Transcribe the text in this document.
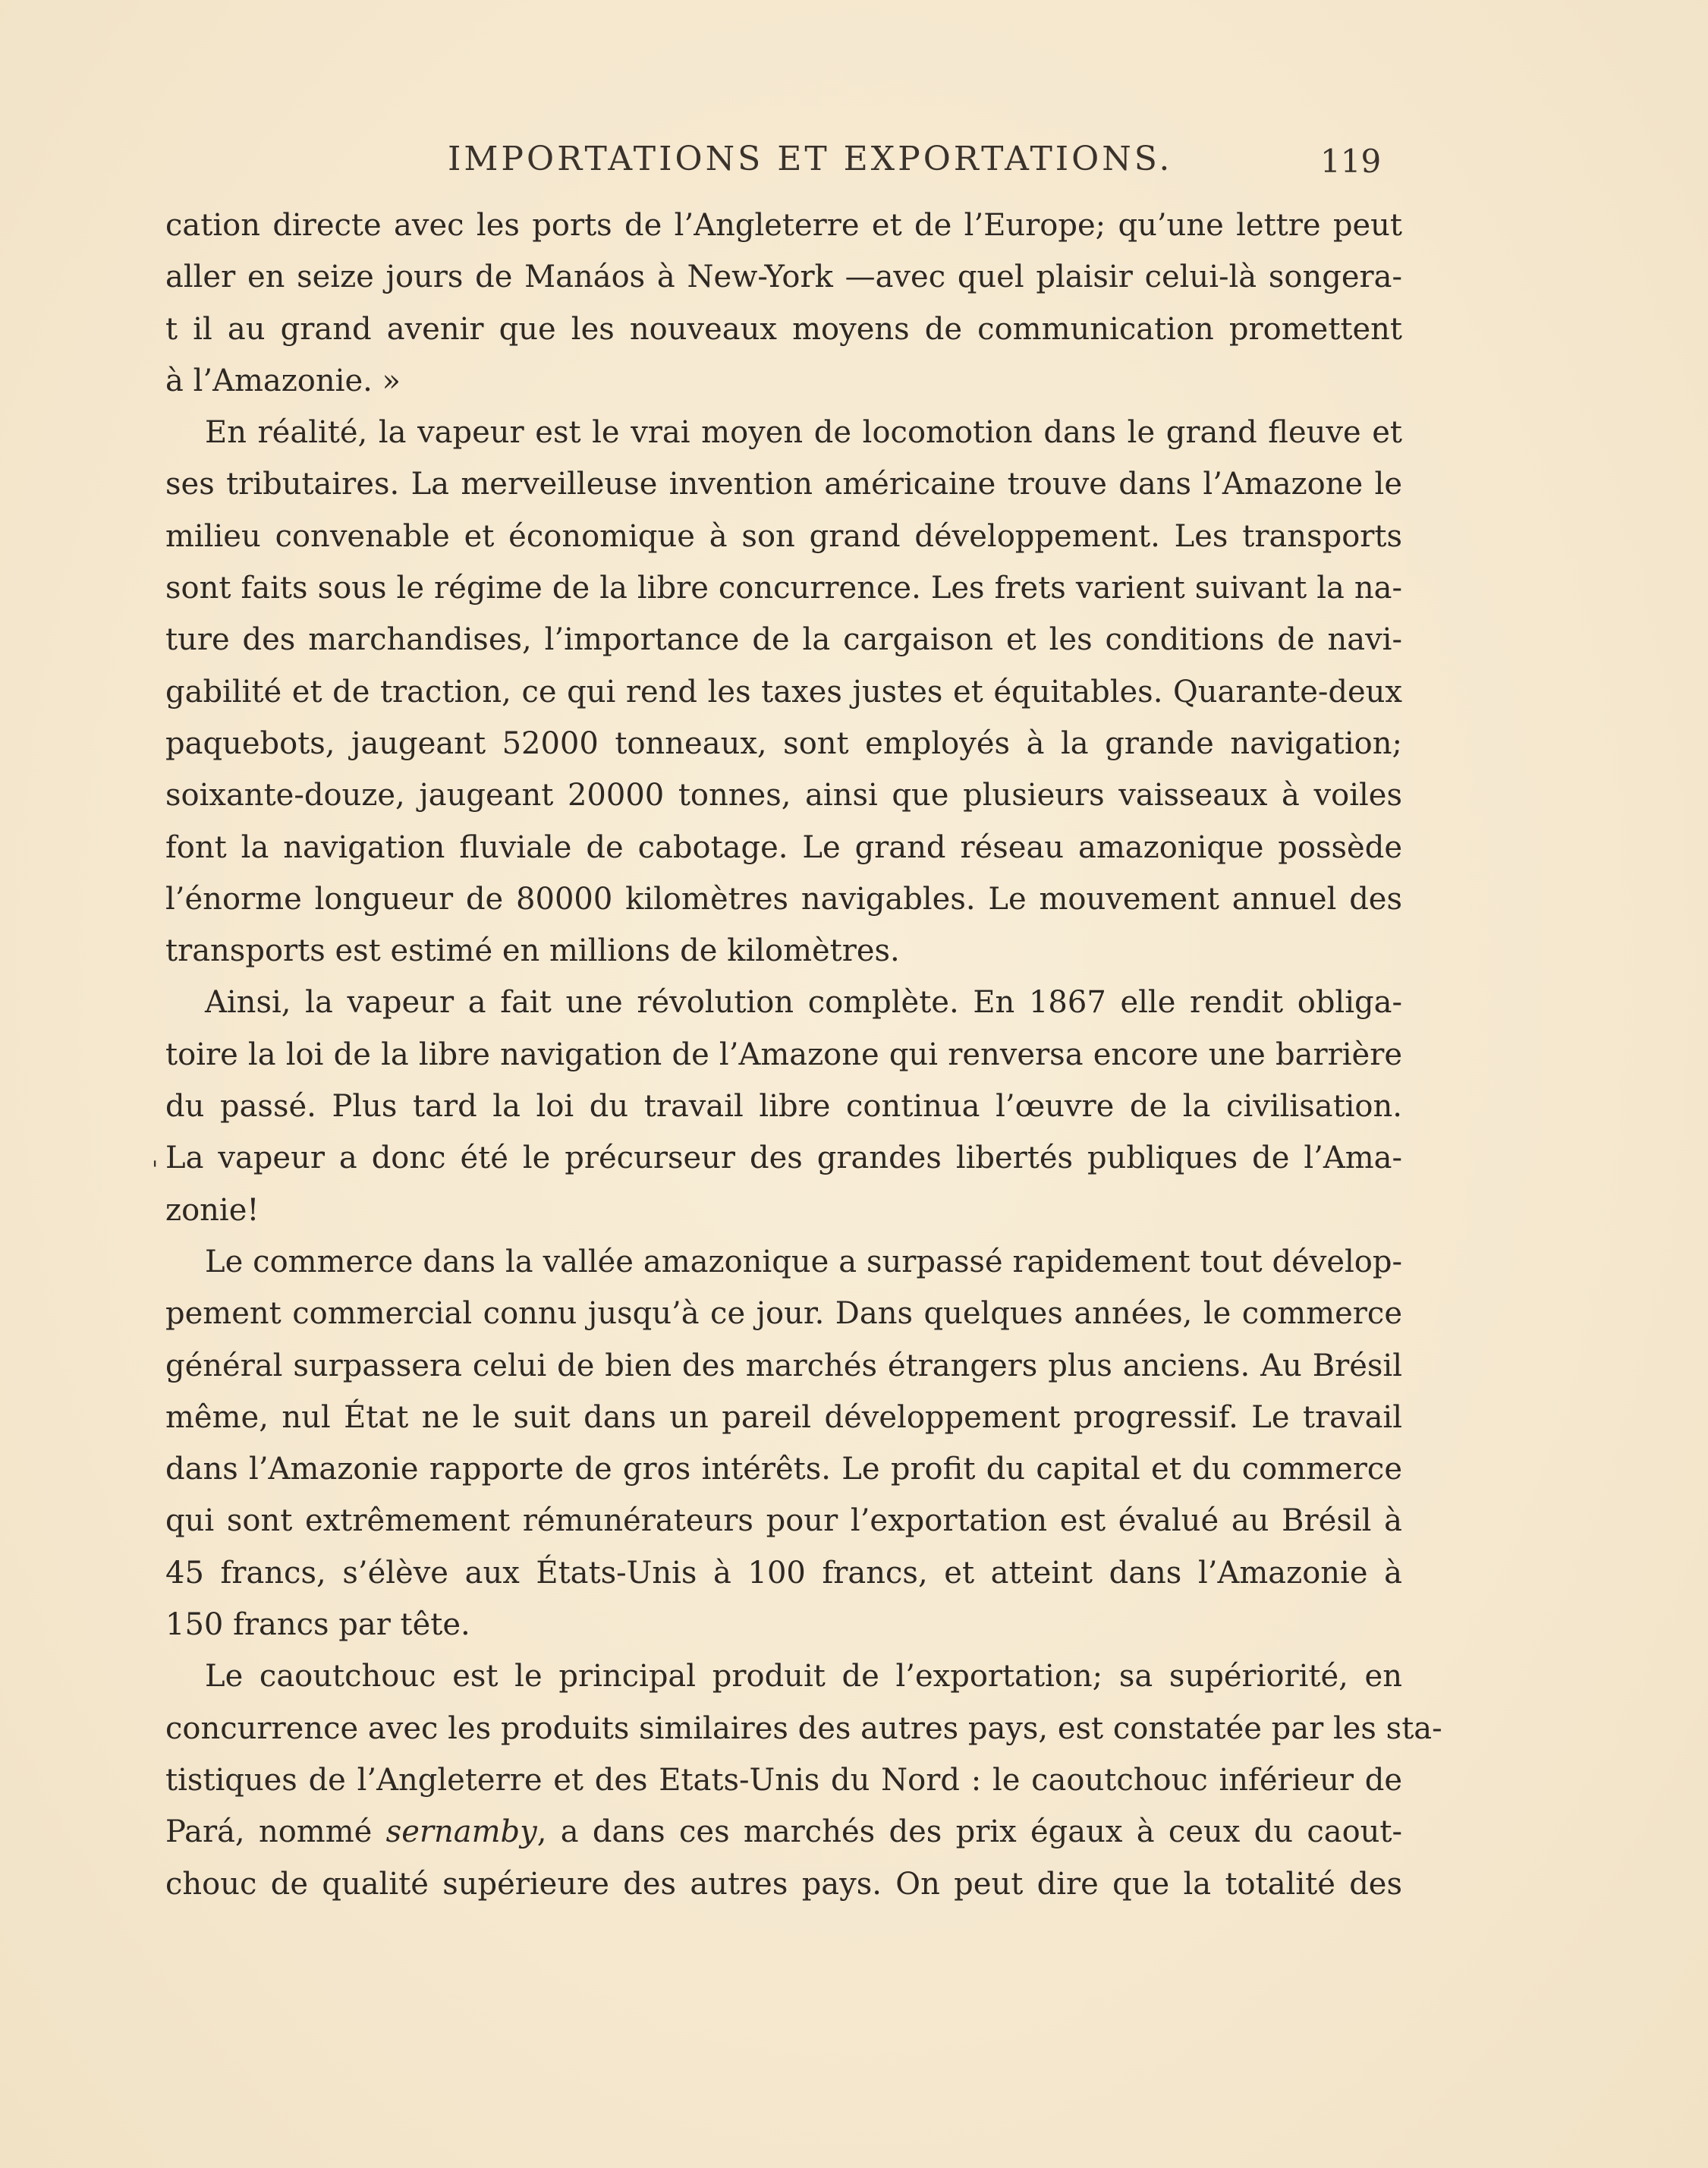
IMPORTATIONS ET EXPORTATIONS.	119
'
cation directe avec les ports de l’Angleterre et de l’Europe; qu’une lettre peut
aller en seize jours de Manáos à New-York —avec quel plaisir celui-là songera-
t il au grand avenir que les nouveaux moyens de communication promettent
à l’Amazonie. »
En réalité, la vapeur est le vrai moyen de locomotion dans le grand fleuve et
ses tributaires. La merveilleuse invention américaine trouve dans l’Amazone le
milieu convenable et économique à son grand développement. Les transports
sont faits sous le régime de la libre concurrence. Les frets varient suivant la na-
ture des marchandises, l’importance de la cargaison et les conditions de navi-
gabilité et de traction, ce qui rend les taxes justes et équitables. Quarante-deux
paquebots, jaugeant 52000 tonneaux, sont employés à la grande navigation;
soixante-douze, jaugeant 20000 tonnes, ainsi que plusieurs vaisseaux à voiles
font la navigation fluviale de cabotage. Le grand réseau amazonique possède
l’énorme longueur de 80000 kilomètres navigables. Le mouvement annuel des
transports est estimé en millions de kilomètres.
Ainsi, la vapeur a fait une révolution complète. En 1867 elle rendit obliga-
toire la loi de la libre navigation de l’Amazone qui renversa encore une barrière
du passé. Plus tard la loi du travail libre continua l’œuvre de la civilisation.
La vapeur a donc été le précurseur des grandes libertés publiques de l’Ama-
zonie!
Le commerce dans la vallée amazonique a surpassé rapidement tout dévelop-
pement commercial connu jusqu’à ce jour. Dans quelques années, le commerce
général surpassera celui de bien des marchés étrangers plus anciens. Au Brésil
même, nul État ne le suit dans un pareil développement progressif. Le travail
dans l’Amazonie rapporte de gros intérêts. Le profit du capital et du commerce
qui sont extrêmement rémunérateurs pour l’exportation est évalué au Brésil à
45 francs, s’élève aux États-Unis à 100 francs, et atteint dans l’Amazonie à
150 francs par tête.
Le caoutchouc est le principal produit de l’exportation; sa supériorité, en
concurrence avec les produits similaires des autres pays, est constatée par les sta-
tistiques de l’Angleterre et des Etats-Unis du Nord : le caoutchouc inférieur de
Pará, nommé sernamby, a dans ces marchés des prix égaux à ceux du caout-
chouc de qualité supérieure des autres pays. On peut dire que la totalité des
